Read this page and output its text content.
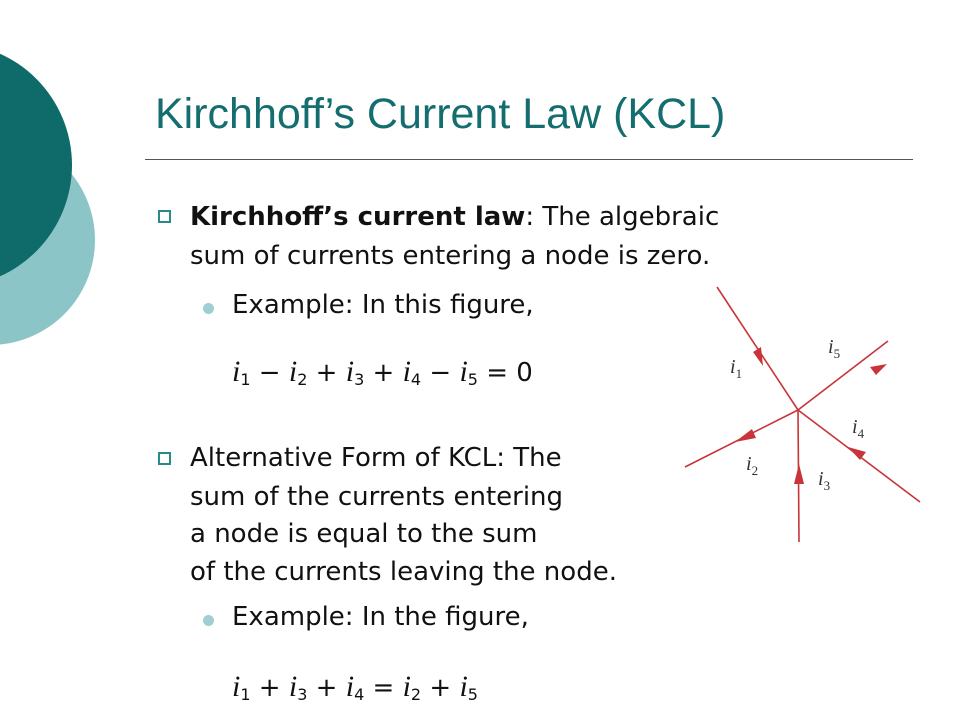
Kirchhoff’s Current Law (KCL)
Kirchhoff’s current law: The algebraic
sum of currents entering a node is zero.
Example: In this figure,
$i_1 - i_2 + i_3 + i_4 - i_5 = 0$
Alternative Form of KCL: The
sum of the currents entering
a node is equal to the sum
of the currents leaving the node.
Example: In the figure,
$i_1 + i_3 + i_4 = i_2 + i_5$
$i_1$
$i_2$	$i_3$
$i_4$
$i_5$
